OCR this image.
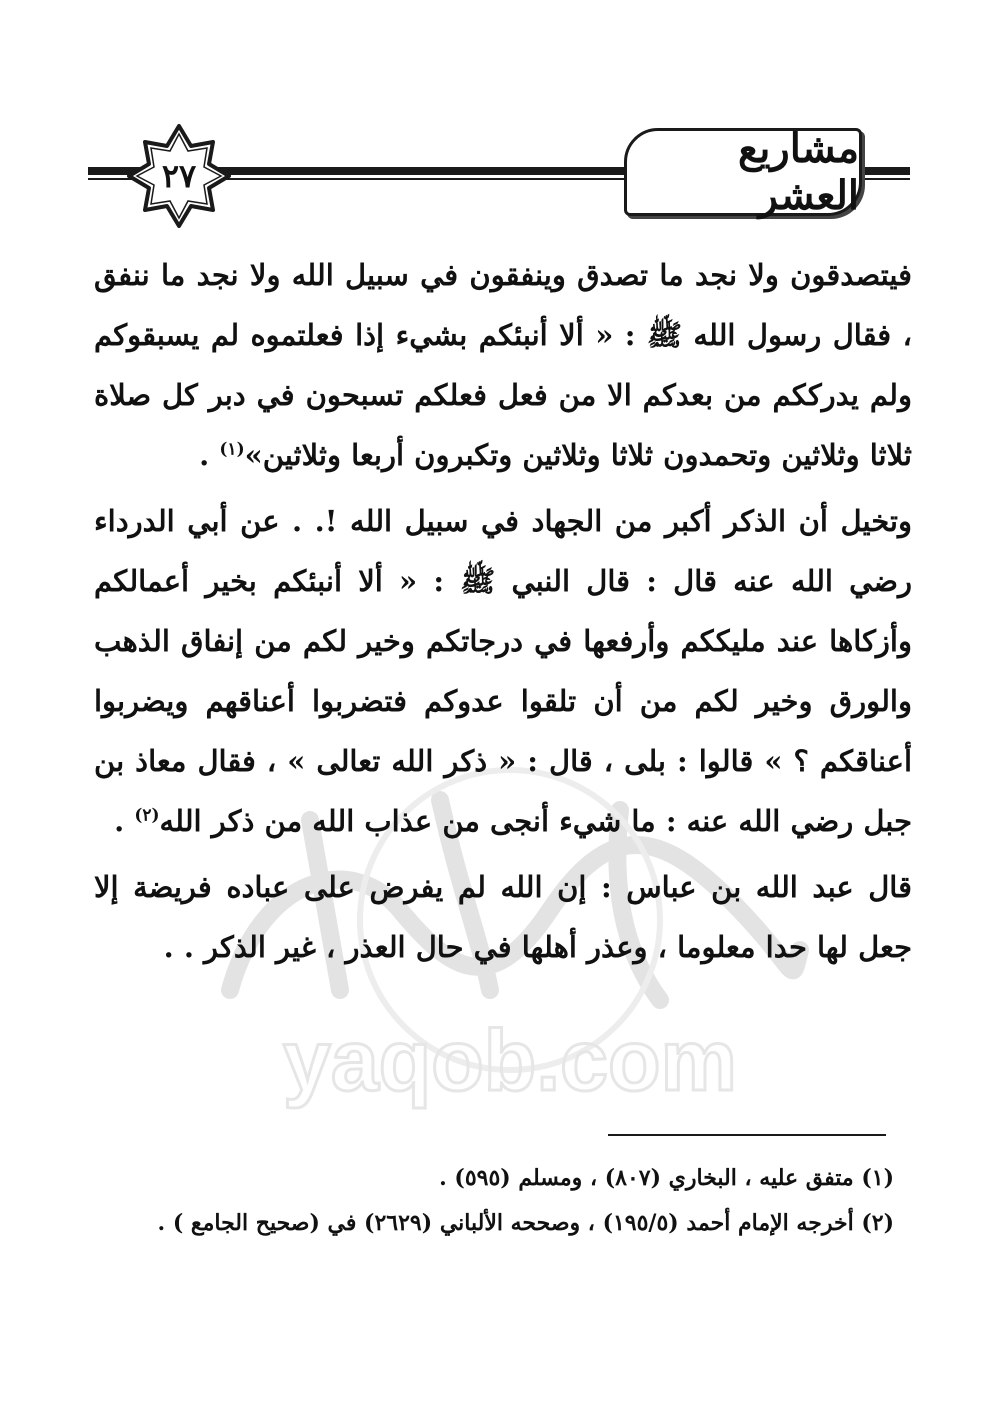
yaqob.com
مشاريع العشر
٢٧

فيتصدقون ولا نجد ما تصدق وينفقون في سبيل الله ولا نجد ما ننفق ، فقال رسول الله ﷺ : « ألا أنبئكم بشيء إذا فعلتموه لم يسبقوكم ولم يدرككم من بعدكم الا من فعل فعلكم تسبحون في دبر كل صلاة ثلاثا وثلاثين وتحمدون ثلاثا وثلاثين وتكبرون أربعا وثلاثين»$^{(١)}$ .

وتخيل أن الذكر أكبر من الجهاد في سبيل الله !. . عن أبي الدرداء رضي الله عنه قال : قال النبي ﷺ : « ألا أنبئكم بخير أعمالكم وأزكاها عند مليككم وأرفعها في درجاتكم وخير لكم من إنفاق الذهب والورق وخير لكم من أن تلقوا عدوكم فتضربوا أعناقهم ويضربوا أعناقكم ؟ » قالوا : بلى ، قال : « ذكر الله تعالى » ، فقال معاذ بن جبل رضي الله عنه : ما شيء أنجى من عذاب الله من ذكر الله$^{(٢)}$ .

قال عبد الله بن عباس : إن الله لم يفرض على عباده فريضة إلا جعل لها حدا معلوما ، وعذر أهلها في حال العذر ، غير الذكر . .

(١) متفق عليه ، البخاري (٨٠٧) ، ومسلم (٥٩٥) .

(٢) أخرجه الإمام أحمد (١٩٥/٥) ، وصححه الألباني (٢٦٢٩) في (صحيح الجامع ) .
